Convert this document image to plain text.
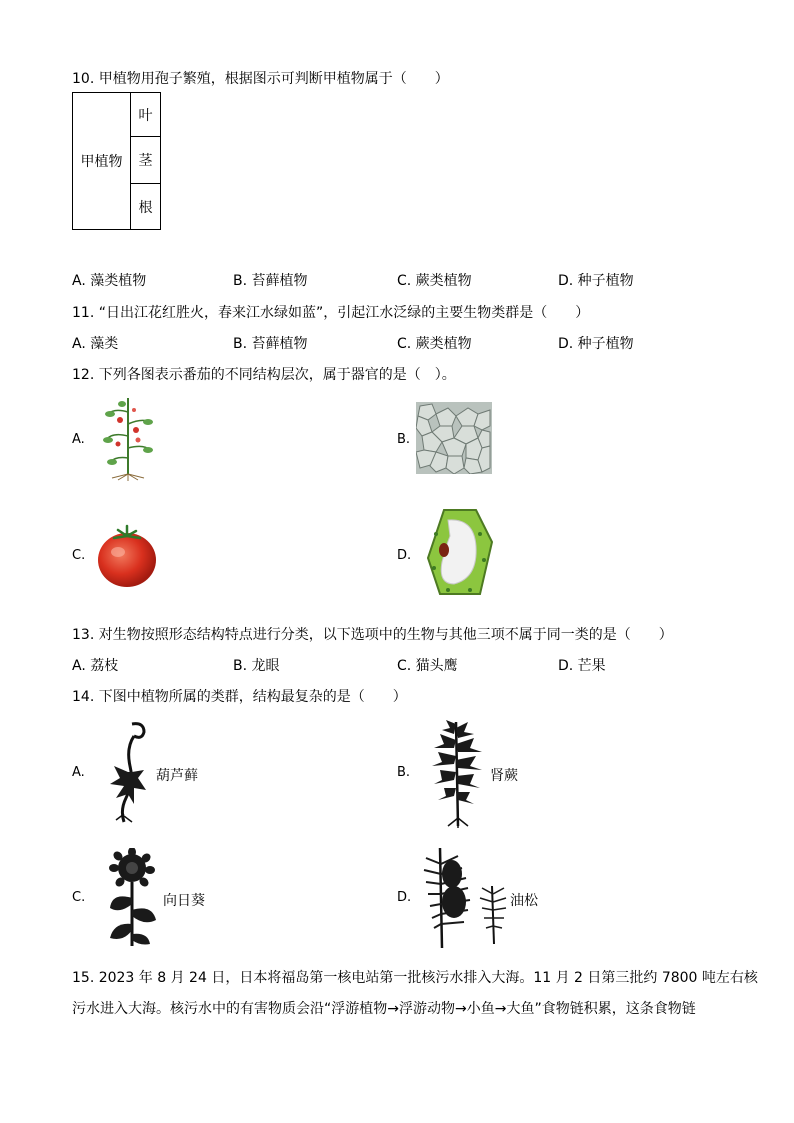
10. 甲植物用孢子繁殖，根据图示可判断甲植物属于（　　）
甲植物	叶
茎
根
A. 藻类植物	B. 苔藓植物	C. 蕨类植物	D. 种子植物
11. “日出江花红胜火，春来江水绿如蓝”，引起江水泛绿的主要生物类群是（　　）
A. 藻类	B. 苔藓植物	C. 蕨类植物	D. 种子植物
12. 下列各图表示番茄的不同结构层次，属于器官的是（　）。
A.	B.
C.	D.
13. 对生物按照形态结构特点进行分类，以下选项中的生物与其他三项不属于同一类的是（　　）
A. 荔枝	B. 龙眼	C. 猫头鹰	D. 芒果
14. 下图中植物所属的类群，结构最复杂的是（　　）
A.	葫芦藓	B.	肾蕨
C.	向日葵	D.	油松
15. 2023 年 8 月 24 日，日本将福岛第一核电站第一批核污水排入大海。11 月 2 日第三批约 7800 吨左右核
污水进入大海。核污水中的有害物质会沿“浮游植物→浮游动物→小鱼→大鱼”食物链积累，这条食物链
